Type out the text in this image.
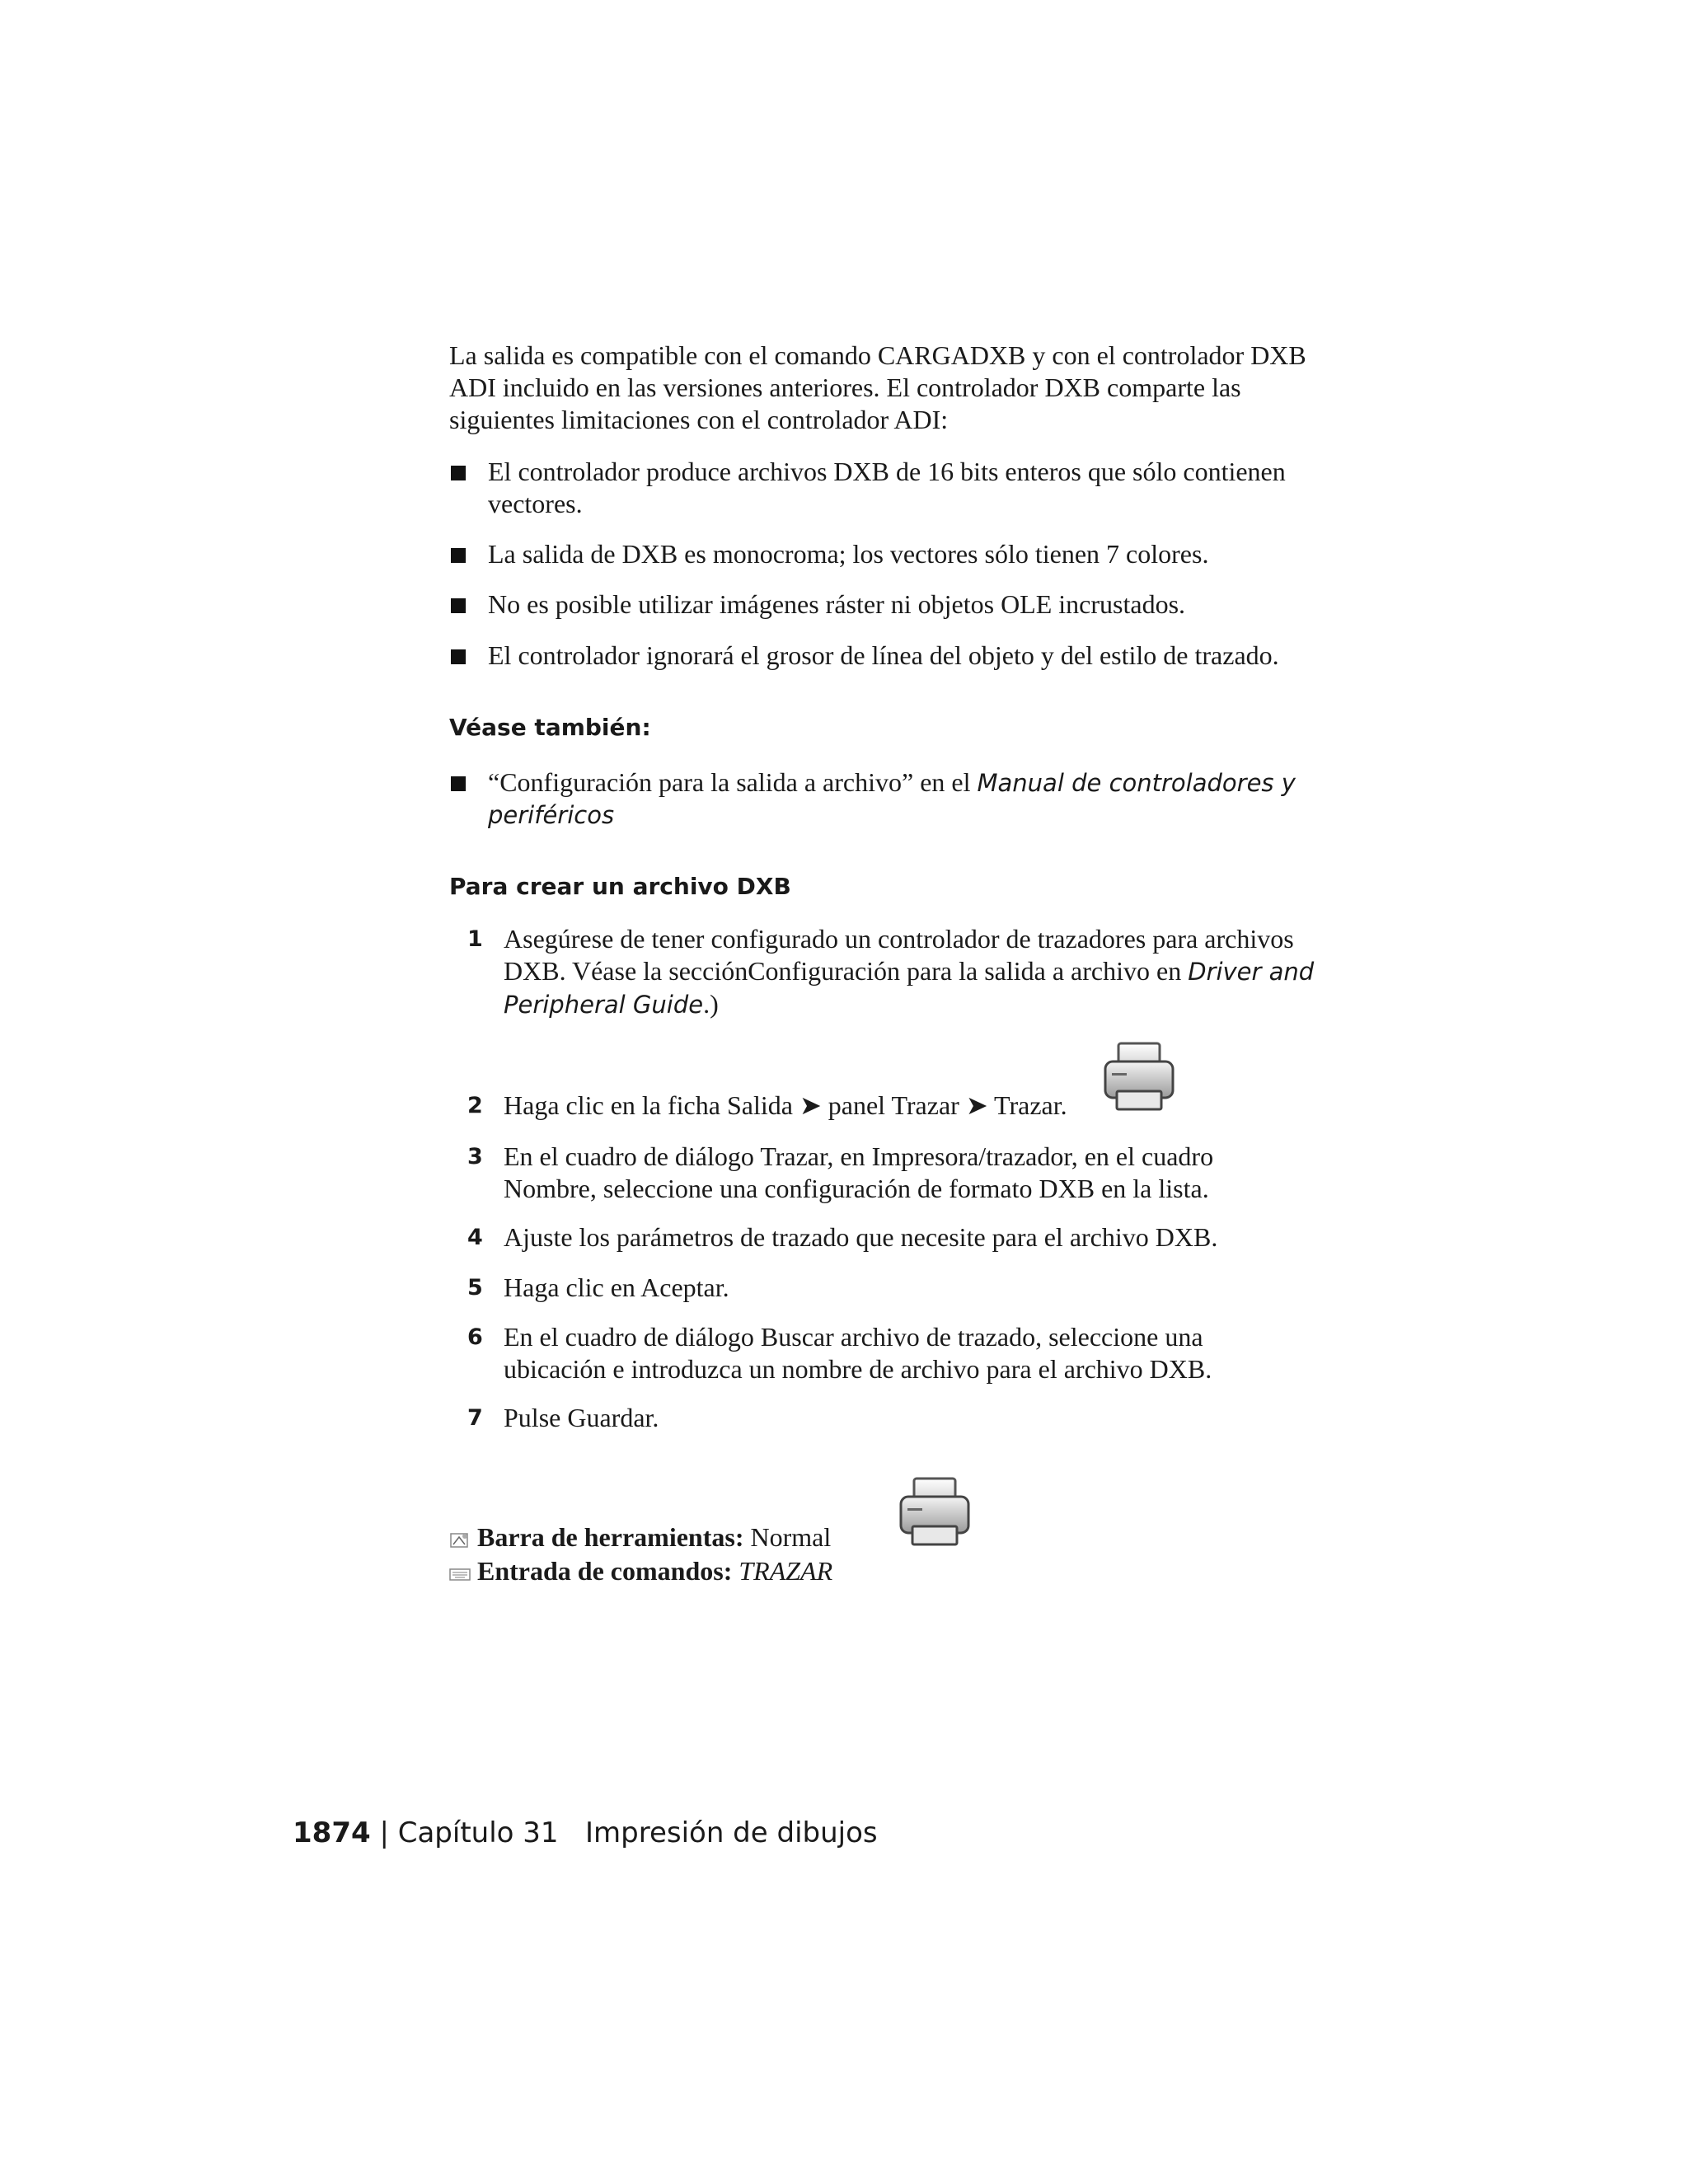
La salida es compatible con el comando CARGADXB y con el controlador DXB

ADI incluido en las versiones anteriores. El controlador DXB comparte las

siguientes limitaciones con el controlador ADI:

El controlador produce archivos DXB de 16 bits enteros que sólo contienen
vectores.
La salida de DXB es monocroma; los vectores sólo tienen 7 colores.
No es posible utilizar imágenes ráster ni objetos OLE incrustados.
El controlador ignorará el grosor de línea del objeto y del estilo de trazado.
Véase también:
“Configuración para la salida a archivo” en el Manual de controladores y
periféricos
Para crear un archivo DXB
1 Asegúrese de tener configurado un controlador de trazadores para archivos
DXB. Véase la secciónConfiguración para la salida a archivo en Driver and
Peripheral Guide.)
2 Haga clic en la ficha Salida ➤ panel Trazar ➤ Trazar.
3 En el cuadro de diálogo Trazar, en Impresora/trazador, en el cuadro
Nombre, seleccione una configuración de formato DXB en la lista.
4 Ajuste los parámetros de trazado que necesite para el archivo DXB.
5 Haga clic en Aceptar.
6 En el cuadro de diálogo Buscar archivo de trazado, seleccione una
ubicación e introduzca un nombre de archivo para el archivo DXB.
7 Pulse Guardar.
Barra de herramientas: Normal
Entrada de comandos: TRAZAR
1874 | Capítulo 31 Impresión de dibujos
